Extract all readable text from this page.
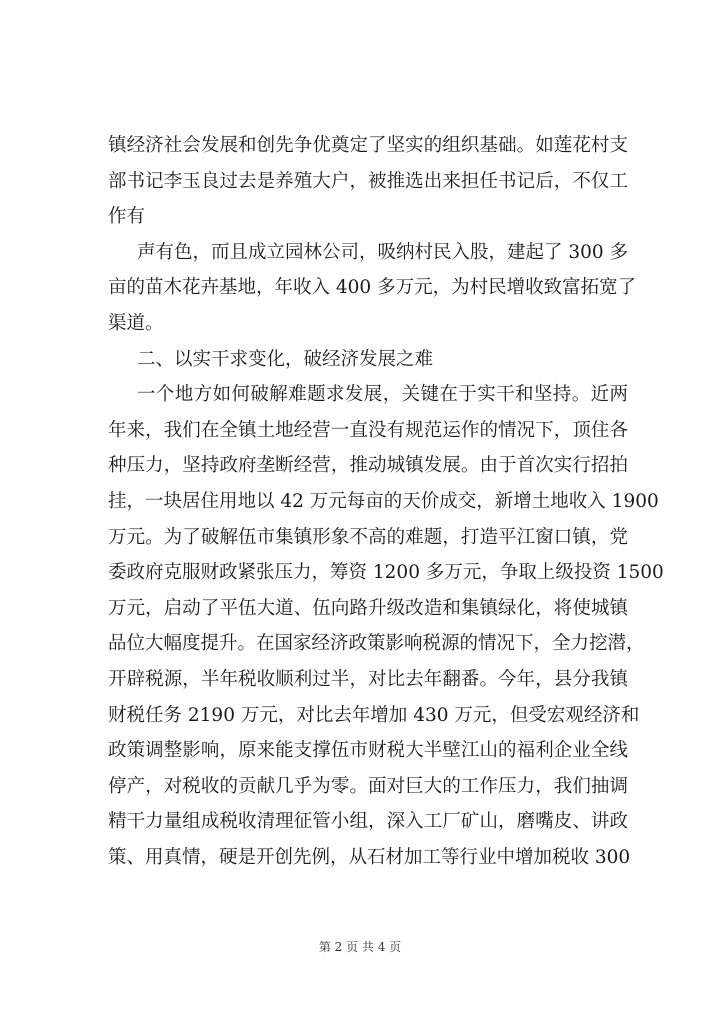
镇经济社会发展和创先争优奠定了坚实的组织基础。如莲花村支
部书记李玉良过去是养殖大户，被推选出来担任书记后，不仅工
作有
声有色，而且成立园林公司，吸纳村民入股，建起了 300 多
亩的苗木花卉基地，年收入 400 多万元，为村民增收致富拓宽了
渠道。
二、以实干求变化，破经济发展之难
一个地方如何破解难题求发展，关键在于实干和坚持。近两
年来，我们在全镇土地经营一直没有规范运作的情况下，顶住各
种压力，坚持政府垄断经营，推动城镇发展。由于首次实行招拍
挂，一块居住用地以 42 万元每亩的天价成交，新增土地收入 1900
万元。为了破解伍市集镇形象不高的难题，打造平江窗口镇，党
委政府克服财政紧张压力，筹资 1200 多万元，争取上级投资 1500
万元，启动了平伍大道、伍向路升级改造和集镇绿化，将使城镇
品位大幅度提升。在国家经济政策影响税源的情况下，全力挖潜，
开辟税源，半年税收顺利过半，对比去年翻番。今年，县分我镇
财税任务 2190 万元，对比去年增加 430 万元，但受宏观经济和
政策调整影响，原来能支撑伍市财税大半壁江山的福利企业全线
停产，对税收的贡献几乎为零。面对巨大的工作压力，我们抽调
精干力量组成税收清理征管小组，深入工厂矿山，磨嘴皮、讲政
策、用真情，硬是开创先例，从石材加工等行业中增加税收 300
第 2 页 共 4 页
